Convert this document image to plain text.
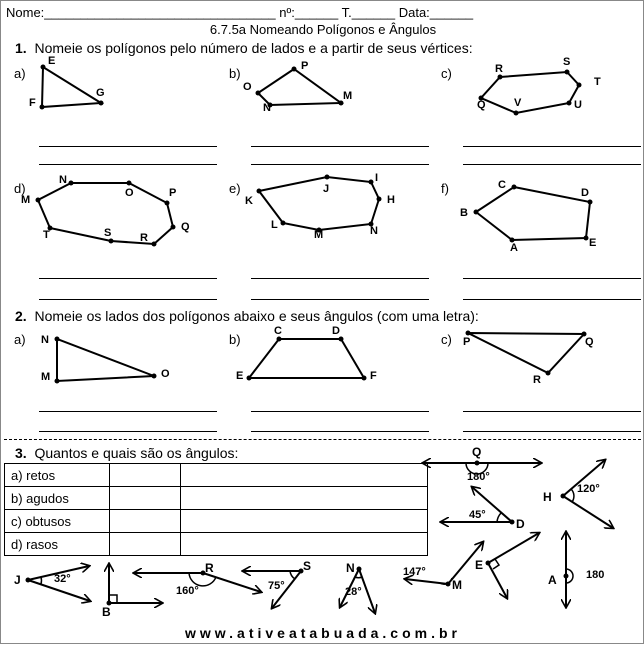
Nome:________________________________ nº:______ T.______ Data:______
6.7.5a Nomeando Polígonos e Ângulos
1. Nomeie os polígonos pelo número de lados e a partir de seus vértices:
a)	b)	c)
d)	e)	f)
E
F
G
P
O
N
M
R
S
T
U
V
Q
N
O	P
Q
R
S
T
M
J
I
H
N
M
L
K
C
D
E
A
B
2. Nomeie os lados dos polígonos abaixo e seus ângulos (com uma letra):
a)	b)	c)
N
O
M
C	D
F
E
P	Q
R
3. Quantos e quais são os ângulos:
a) retos		
b) agudos		
c) obtusos		
d) rasos		
Q
180°
H
120°
D
45°
E
A	180
J	32°
B
R
160°
S
75°
N
28°	M
147°
www.ativeatabuada.com.br
